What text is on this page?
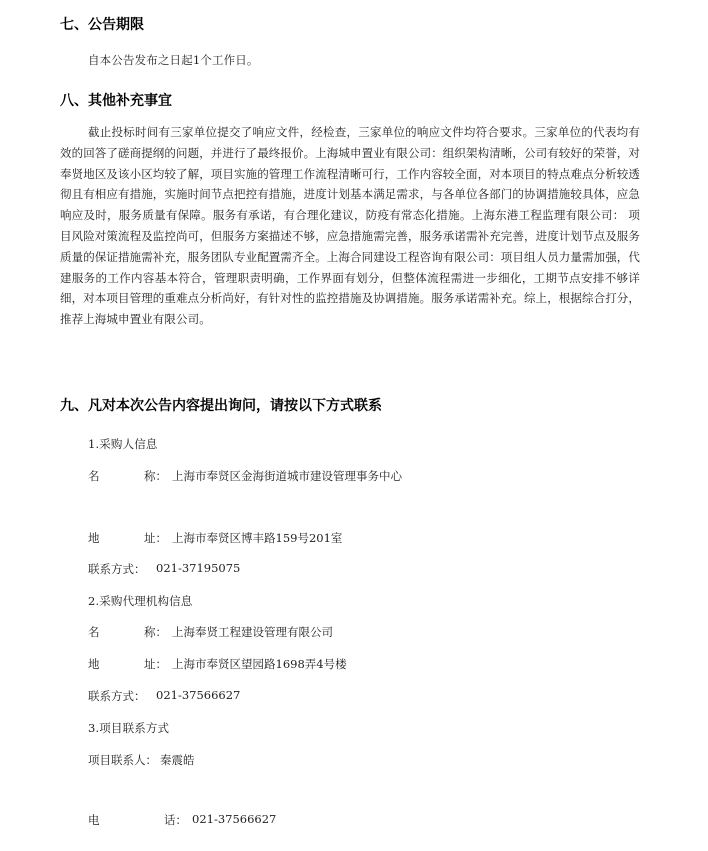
七、公告期限

自本公告发布之日起1个工作日。

八、其他补充事宜

截止投标时间有三家单位提交了响应文件，经检查，三家单位的响应文件均符合要求。三家单位的代表均有效的回答了磋商提纲的问题，并进行了最终报价。上海城申置业有限公司：组织架构清晰，公司有较好的荣誉，对奉贤地区及该小区均较了解，项目实施的管理工作流程清晰可行，工作内容较全面，对本项目的特点难点分析较透彻且有相应有措施，实施时间节点把控有措施，进度计划基本满足需求，与各单位各部门的协调措施较具体，应急响应及时，服务质量有保障。服务有承诺，有合理化建议，防疫有常态化措施。上海东港工程监理有限公司： 项目风险对策流程及监控尚可，但服务方案描述不够，应急措施需完善，服务承诺需补充完善，进度计划节点及服务质量的保证措施需补充，服务团队专业配置需齐全。上海合同建设工程咨询有限公司：项目组人员力量需加强，代建服务的工作内容基本符合，管理职责明确，工作界面有划分，但整体流程需进一步细化，工期节点安排不够详细，对本项目管理的重难点分析尚好，有针对性的监控措施及协调措施。服务承诺需补充。综上，根据综合打分，推荐上海城申置业有限公司。

九、凡对本次公告内容提出询问，请按以下方式联系

1.采购人信息

名	称： 上海市奉贤区金海街道城市建设管理事务中心
地	址： 上海市奉贤区博丰路159号201室
联系方式： 021-37195075

2.采购代理机构信息

名	称： 上海奉贤工程建设管理有限公司
地	址： 上海市奉贤区望园路1698弄4号楼
联系方式： 021-37566627

3.项目联系方式

项目联系人： 秦震皓
电	话： 021-37566627
